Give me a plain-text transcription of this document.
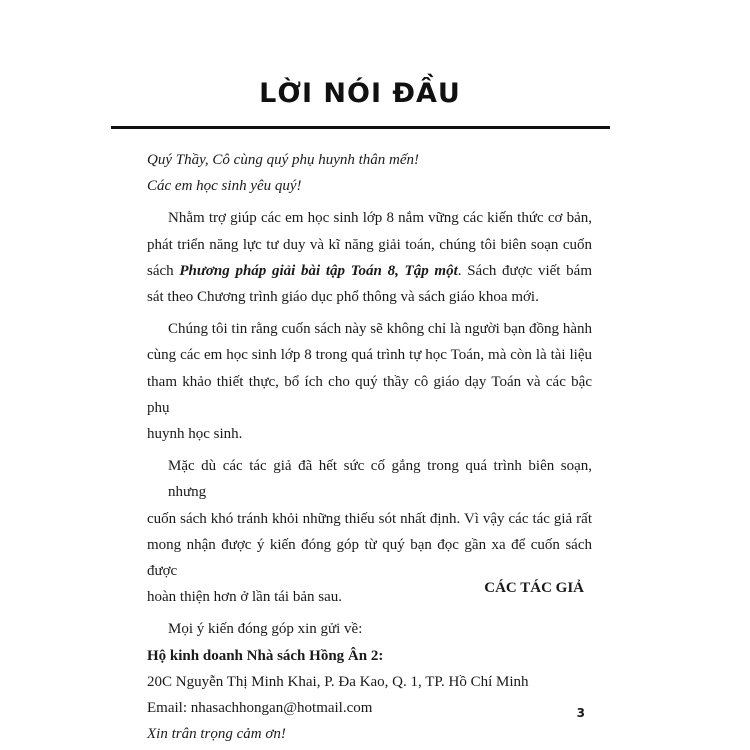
LỜI NÓI ĐẦU
Quý Thầy, Cô cùng quý phụ huynh thân mến!
Các em học sinh yêu quý!
Nhằm trợ giúp các em học sinh lớp 8 nắm vững các kiến thức cơ bản,
phát triển năng lực tư duy và kĩ năng giải toán, chúng tôi biên soạn cuốn
sách Phương pháp giải bài tập Toán 8, Tập một. Sách được viết bám
sát theo Chương trình giáo dục phổ thông và sách giáo khoa mới.
Chúng tôi tin rằng cuốn sách này sẽ không chỉ là người bạn đồng hành
cùng các em học sinh lớp 8 trong quá trình tự học Toán, mà còn là tài liệu
tham khảo thiết thực, bổ ích cho quý thầy cô giáo dạy Toán và các bậc phụ
huynh học sinh.
Mặc dù các tác giả đã hết sức cố gắng trong quá trình biên soạn, nhưng
cuốn sách khó tránh khỏi những thiếu sót nhất định. Vì vậy các tác giả rất
mong nhận được ý kiến đóng góp từ quý bạn đọc gần xa để cuốn sách được
hoàn thiện hơn ở lần tái bản sau.
Mọi ý kiến đóng góp xin gửi về:
Hộ kinh doanh Nhà sách Hồng Ân 2:
20C Nguyễn Thị Minh Khai, P. Đa Kao, Q. 1, TP. Hồ Chí Minh
Email: nhasachhongan@hotmail.com
Xin trân trọng cảm ơn!
CÁC TÁC GIẢ
3
